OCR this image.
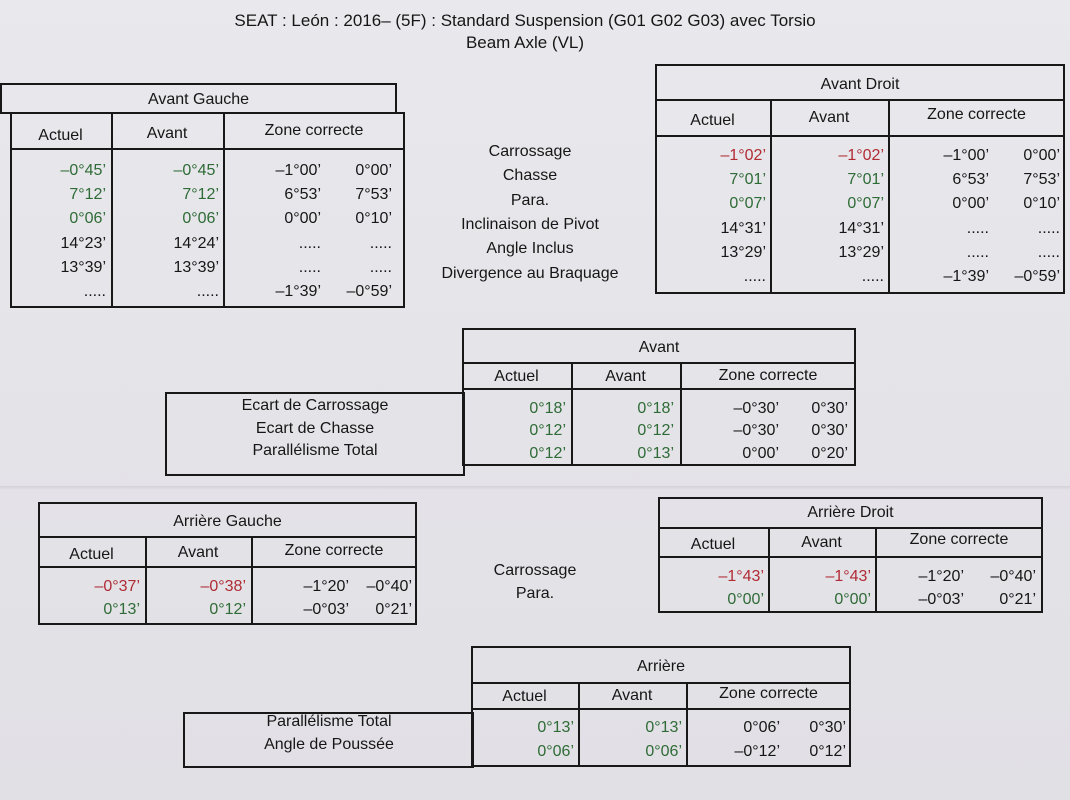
SEAT : León : 2016– (5F) : Standard Suspension (G01 G02 G03) avec Torsio
Beam Axle (VL)
Avant Gauche
Actuel	Avant	Zone correcte
–0°45’	–0°45’	–1°00’	0°00’
7°12’	7°12’	6°53’	7°53’
0°06’	0°06’	0°00’	0°10’
14°23’	14°24’	.....	.....
13°39’	13°39’	.....	.....
.....	.....	–1°39’	–0°59’
Carrossage
Chasse
Para.
Inclinaison de Pivot
Angle Inclus
Divergence au Braquage
Avant Droit
Actuel	Avant	Zone correcte
–1°02’	–1°02’	–1°00’	0°00’
7°01’	7°01’	6°53’	7°53’
0°07’	0°07’	0°00’	0°10’
14°31’	14°31’	.....	.....
13°29’	13°29’	.....	.....
.....	.....	–1°39’	–0°59’
Avant
Actuel	Avant	Zone correcte
Ecart de Carrossage
Ecart de Chasse
Parallélisme Total
0°18’	0°18’	–0°30’	0°30’
0°12’	0°12’	–0°30’	0°30’
0°12’	0°13’	0°00’	0°20’
Arrière Gauche
Actuel	Avant	Zone correcte
–0°37’	–0°38’	–1°20’	–0°40’
0°13’	0°12’	–0°03’	0°21’
Carrossage
Para.
Arrière Droit
Actuel	Avant	Zone correcte
–1°43’	–1°43’	–1°20’	–0°40’
0°00’	0°00’	–0°03’	0°21’
Arrière
Actuel	Avant	Zone correcte
Parallélisme Total
Angle de Poussée
0°13’	0°13’	0°06’	0°30’
0°06’	0°06’	–0°12’	0°12’
